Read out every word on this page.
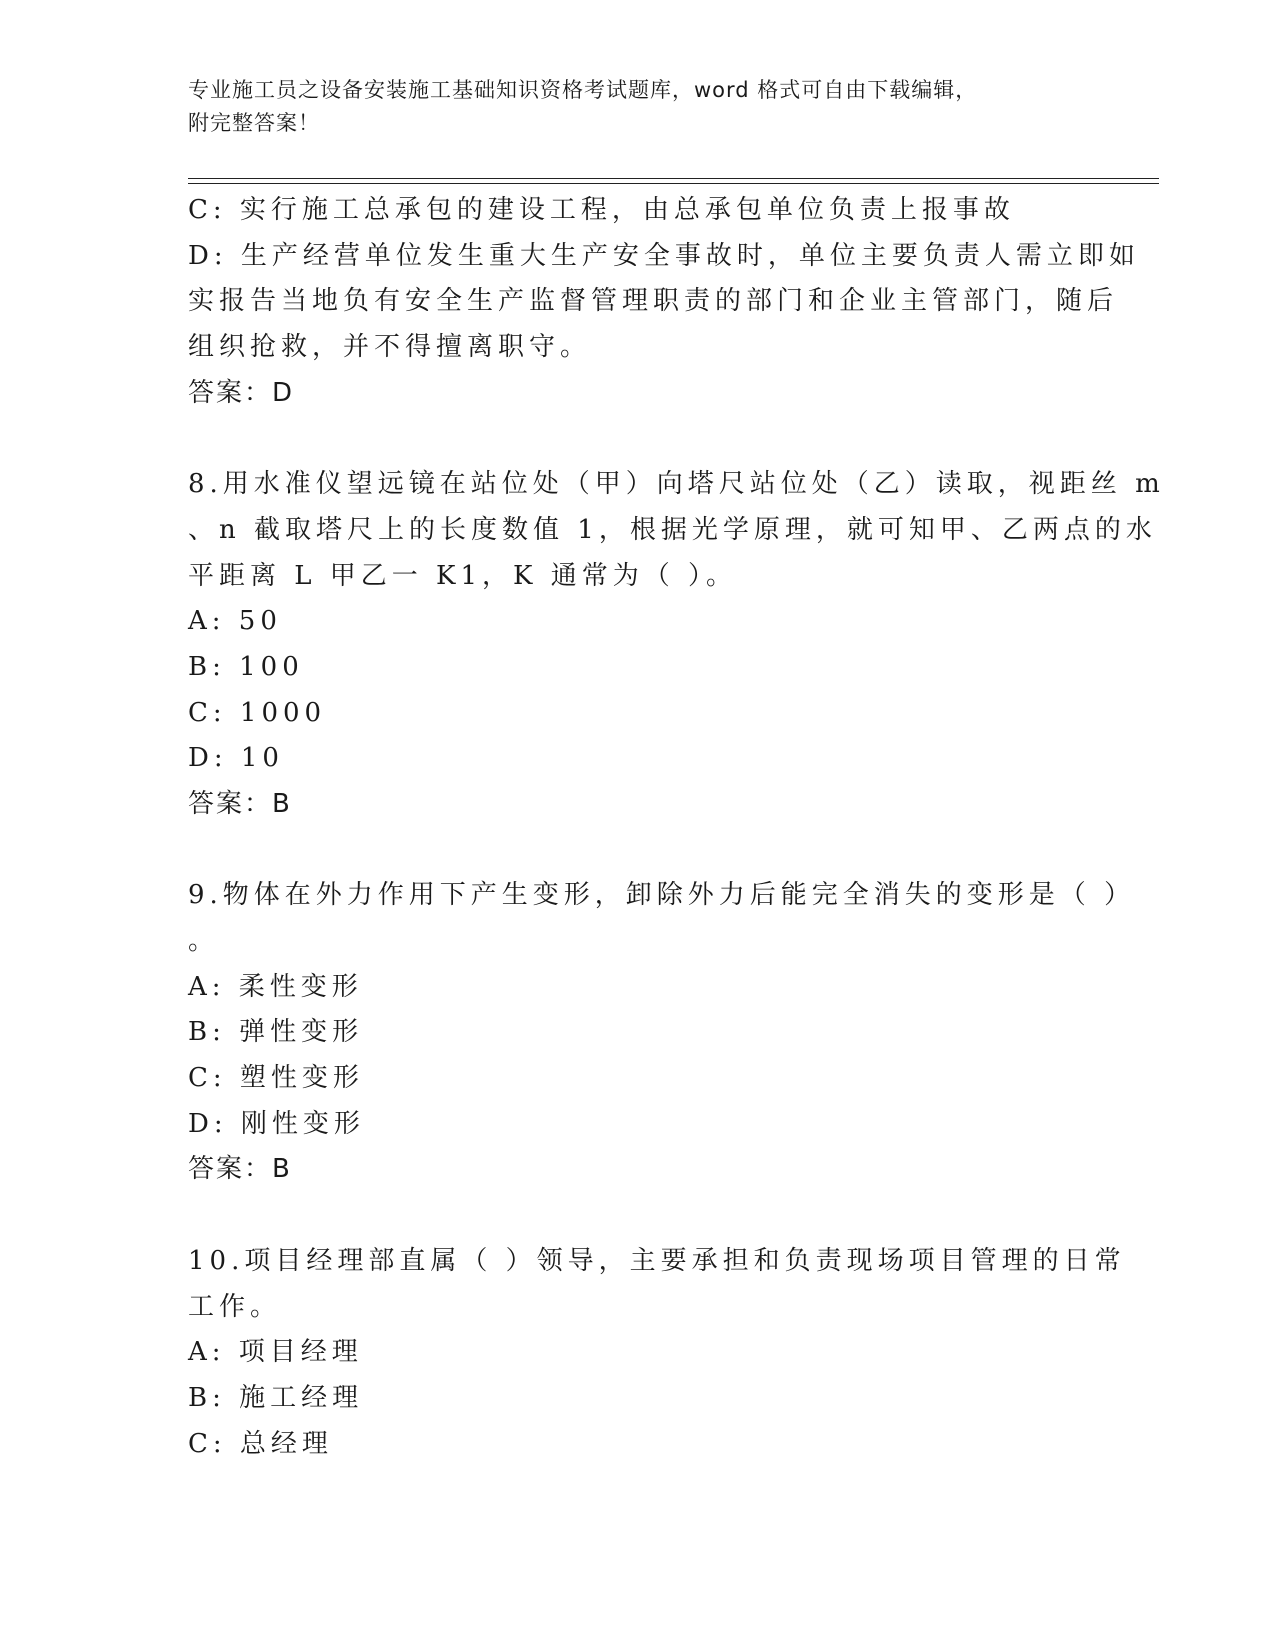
专业施工员之设备安装施工基础知识资格考试题库，word 格式可自由下载编辑，
附完整答案！
C: 实行施工总承包的建设工程，由总承包单位负责上报事故
D: 生产经营单位发生重大生产安全事故时，单位主要负责人需立即如
实报告当地负有安全生产监督管理职责的部门和企业主管部门，随后
组织抢救，并不得擅离职守。
答案：D
8.用水准仪望远镜在站位处（甲）向塔尺站位处（乙）读取，视距丝 m
、n 截取塔尺上的长度数值 1，根据光学原理，就可知甲、乙两点的水
平距离 L 甲乙一 K1，K 通常为（ ）。
A: 50
B: 100
C: 1000
D: 10
答案：B
9.物体在外力作用下产生变形，卸除外力后能完全消失的变形是（ ）
。
A: 柔性变形
B: 弹性变形
C: 塑性变形
D: 刚性变形
答案：B
10.项目经理部直属（ ）领导，主要承担和负责现场项目管理的日常
工作。
A: 项目经理
B: 施工经理
C: 总经理
